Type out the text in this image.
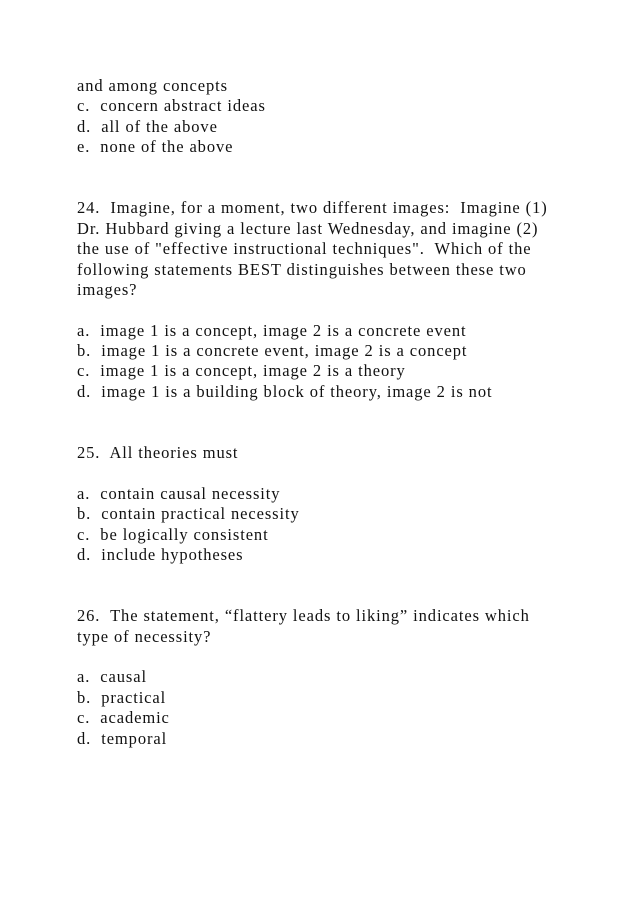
and among concepts
c.  concern abstract ideas
d.  all of the above
e.  none of the above
24.  Imagine, for a moment, two different images:  Imagine (1)
Dr. Hubbard giving a lecture last Wednesday, and imagine (2)
the use of "effective instructional techniques".  Which of the
following statements BEST distinguishes between these two
images?
a.  image 1 is a concept, image 2 is a concrete event
b.  image 1 is a concrete event, image 2 is a concept
c.  image 1 is a concept, image 2 is a theory
d.  image 1 is a building block of theory, image 2 is not
25.  All theories must
a.  contain causal necessity
b.  contain practical necessity
c.  be logically consistent
d.  include hypotheses
26.  The statement, “flattery leads to liking” indicates which
type of necessity?
a.  causal
b.  practical
c.  academic
d.  temporal
